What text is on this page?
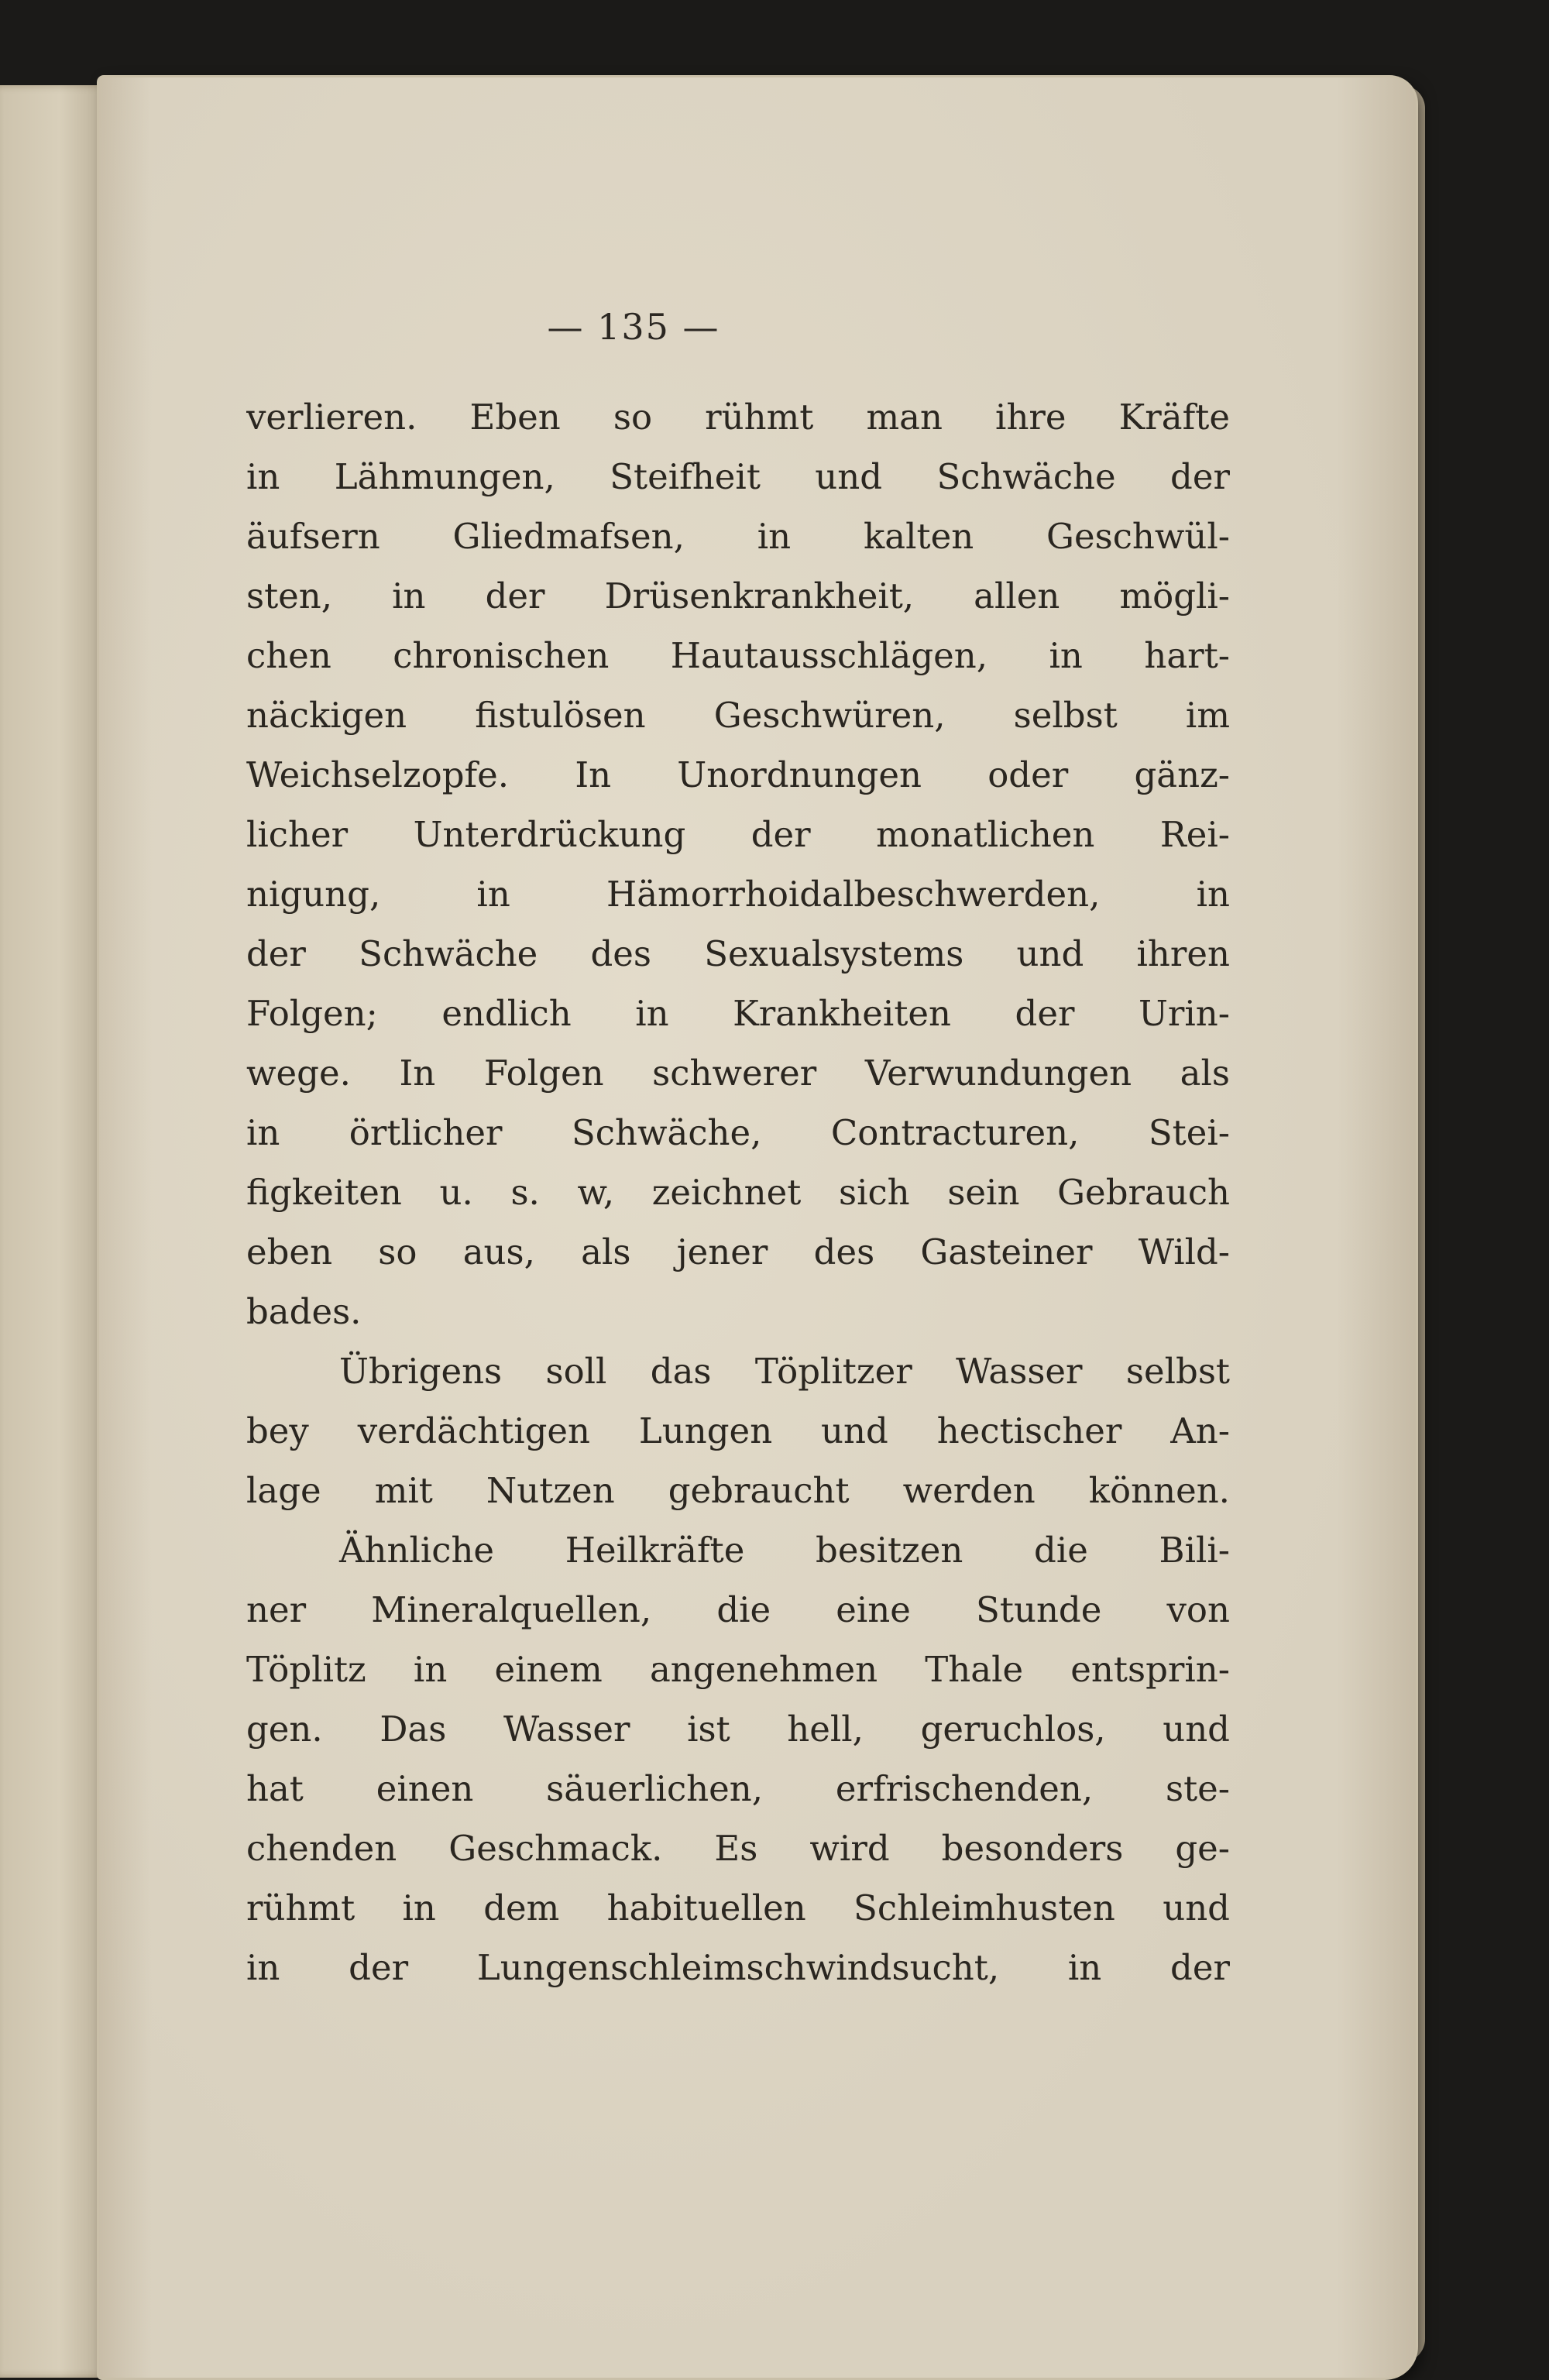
— 135 —
verlieren. Eben so rühmt man ihre Kräfte
in Lähmungen, Steifheit und Schwäche der
äufsern Gliedmafsen, in kalten Geschwül-
sten, in der Drüsenkrankheit, allen mögli-
chen chronischen Hautausschlägen, in hart-
näckigen fistulösen Geschwüren, selbst im
Weichselzopfe. In Unordnungen oder gänz-
licher Unterdrückung der monatlichen Rei-
nigung, in Hämorrhoidalbeschwerden, in
der Schwäche des Sexualsystems und ihren
Folgen; endlich in Krankheiten der Urin-
wege. In Folgen schwerer Verwundungen als
in örtlicher Schwäche, Contracturen, Stei-
figkeiten u. s. w, zeichnet sich sein Gebrauch
eben so aus, als jener des Gasteiner Wild-
bades.
Übrigens soll das Töplitzer Wasser selbst
bey verdächtigen Lungen und hectischer An-
lage mit Nutzen gebraucht werden können.
Ähnliche Heilkräfte besitzen die Bili-
ner Mineralquellen, die eine Stunde von
Töplitz in einem angenehmen Thale entsprin-
gen. Das Wasser ist hell, geruchlos, und
hat einen säuerlichen, erfrischenden, ste-
chenden Geschmack. Es wird besonders ge-
rühmt in dem habituellen Schleimhusten und
in der Lungenschleimschwindsucht, in der
